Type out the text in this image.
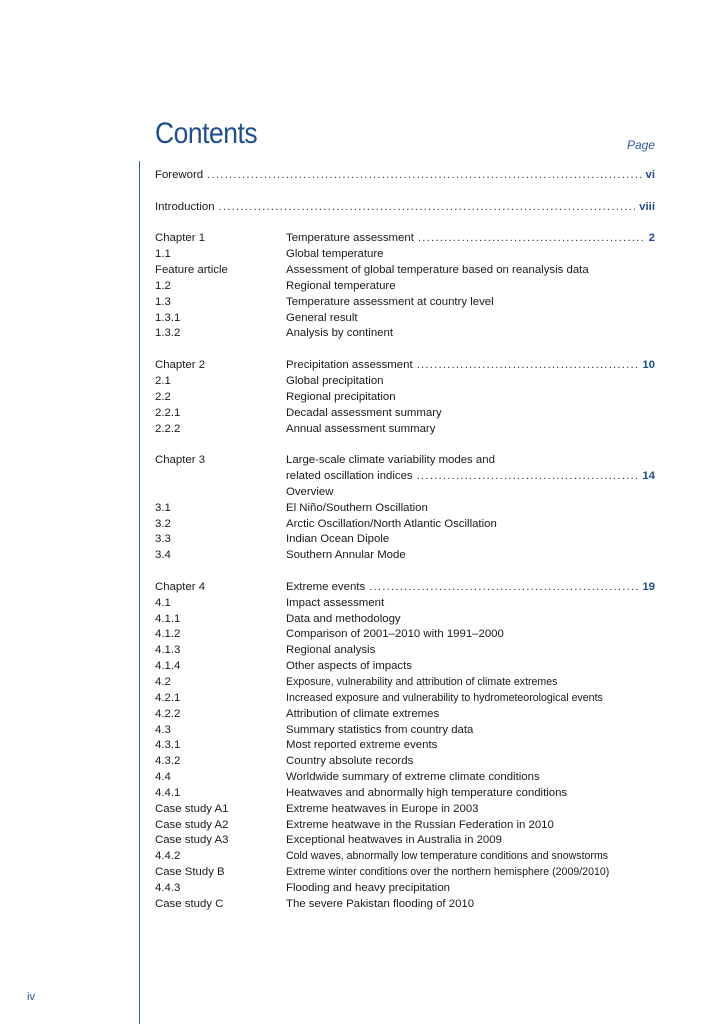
Contents	Page
Foreword .....	vi
Introduction .....	viii
Chapter 1	Temperature assessment .....	2
1.1	Global temperature
Feature article	Assessment of global temperature based on reanalysis data
1.2	Regional temperature
1.3	Temperature assessment at country level
1.3.1	General result
1.3.2	Analysis by continent
Chapter 2	Precipitation assessment .....	10
2.1	Global precipitation
2.2	Regional precipitation
2.2.1	Decadal assessment summary
2.2.2	Annual assessment summary
Chapter 3	Large-scale climate variability modes and
related oscillation indices .....	14
Overview
3.1	El Niño/Southern Oscillation
3.2	Arctic Oscillation/North Atlantic Oscillation
3.3	Indian Ocean Dipole
3.4	Southern Annular Mode
Chapter 4	Extreme events .....	19
4.1	Impact assessment
4.1.1	Data and methodology
4.1.2	Comparison of 2001–2010 with 1991–2000
4.1.3	Regional analysis
4.1.4	Other aspects of impacts
4.2	Exposure, vulnerability and attribution of climate extremes
4.2.1	Increased exposure and vulnerability to hydrometeorological events
4.2.2	Attribution of climate extremes
4.3	Summary statistics from country data
4.3.1	Most reported extreme events
4.3.2	Country absolute records
4.4	Worldwide summary of extreme climate conditions
4.4.1	Heatwaves and abnormally high temperature conditions
Case study A1	Extreme heatwaves in Europe in 2003
Case study A2	Extreme heatwave in the Russian Federation in 2010
Case study A3	Exceptional heatwaves in Australia in 2009
4.4.2	Cold waves, abnormally low temperature conditions and snowstorms
Case Study B	Extreme winter conditions over the northern hemisphere (2009/2010)
4.4.3	Flooding and heavy precipitation
Case study C	The severe Pakistan flooding of 2010
iv
